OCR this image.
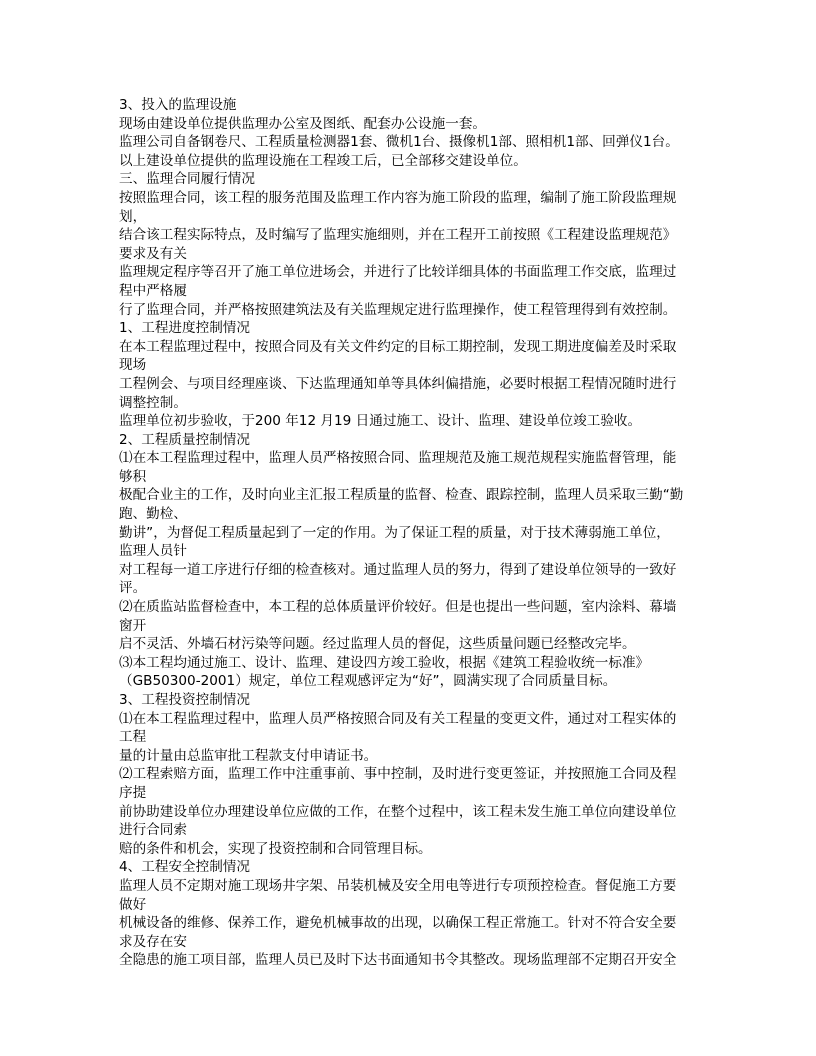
3、投入的监理设施
现场由建设单位提供监理办公室及图纸、配套办公设施一套。
监理公司自备钢卷尺、工程质量检测器1套、微机1台、摄像机1部、照相机1部、回弹仪1台。
以上建设单位提供的监理设施在工程竣工后，已全部移交建设单位。
三、监理合同履行情况
按照监理合同，该工程的服务范围及监理工作内容为施工阶段的监理，编制了施工阶段监理规
划，
结合该工程实际特点，及时编写了监理实施细则，并在工程开工前按照《工程建设监理规范》
要求及有关
监理规定程序等召开了施工单位进场会，并进行了比较详细具体的书面监理工作交底，监理过
程中严格履
行了监理合同，并严格按照建筑法及有关监理规定进行监理操作，使工程管理得到有效控制。
1、工程进度控制情况
在本工程监理过程中，按照合同及有关文件约定的目标工期控制，发现工期进度偏差及时采取
现场
工程例会、与项目经理座谈、下达监理通知单等具体纠偏措施，必要时根据工程情况随时进行
调整控制。
监理单位初步验收，于200 年12 月19 日通过施工、设计、监理、建设单位竣工验收。
2、工程质量控制情况
⑴在本工程监理过程中，监理人员严格按照合同、监理规范及施工规范规程实施监督管理，能
够积
极配合业主的工作，及时向业主汇报工程质量的监督、检查、跟踪控制，监理人员采取三勤“勤
跑、勤检、
勤讲”，为督促工程质量起到了一定的作用。为了保证工程的质量，对于技术薄弱施工单位，
监理人员针
对工程每一道工序进行仔细的检查核对。通过监理人员的努力，得到了建设单位领导的一致好
评。
⑵在质监站监督检查中，本工程的总体质量评价较好。但是也提出一些问题，室内涂料、幕墙
窗开
启不灵活、外墙石材污染等问题。经过监理人员的督促，这些质量问题已经整改完毕。
⑶本工程均通过施工、设计、监理、建设四方竣工验收，根据《建筑工程验收统一标准》
（GB50300-2001）规定，单位工程观感评定为“好”，圆满实现了合同质量目标。
3、工程投资控制情况
⑴在本工程监理过程中，监理人员严格按照合同及有关工程量的变更文件，通过对工程实体的
工程
量的计量由总监审批工程款支付申请证书。
⑵工程索赔方面，监理工作中注重事前、事中控制，及时进行变更签证，并按照施工合同及程
序提
前协助建设单位办理建设单位应做的工作，在整个过程中，该工程未发生施工单位向建设单位
进行合同索
赔的条件和机会，实现了投资控制和合同管理目标。
4、工程安全控制情况
监理人员不定期对施工现场井字架、吊装机械及安全用电等进行专项预控检查。督促施工方要
做好
机械设备的维修、保养工作，避免机械事故的出现，以确保工程正常施工。针对不符合安全要
求及存在安
全隐患的施工项目部，监理人员已及时下达书面通知书令其整改。现场监理部不定期召开安全
